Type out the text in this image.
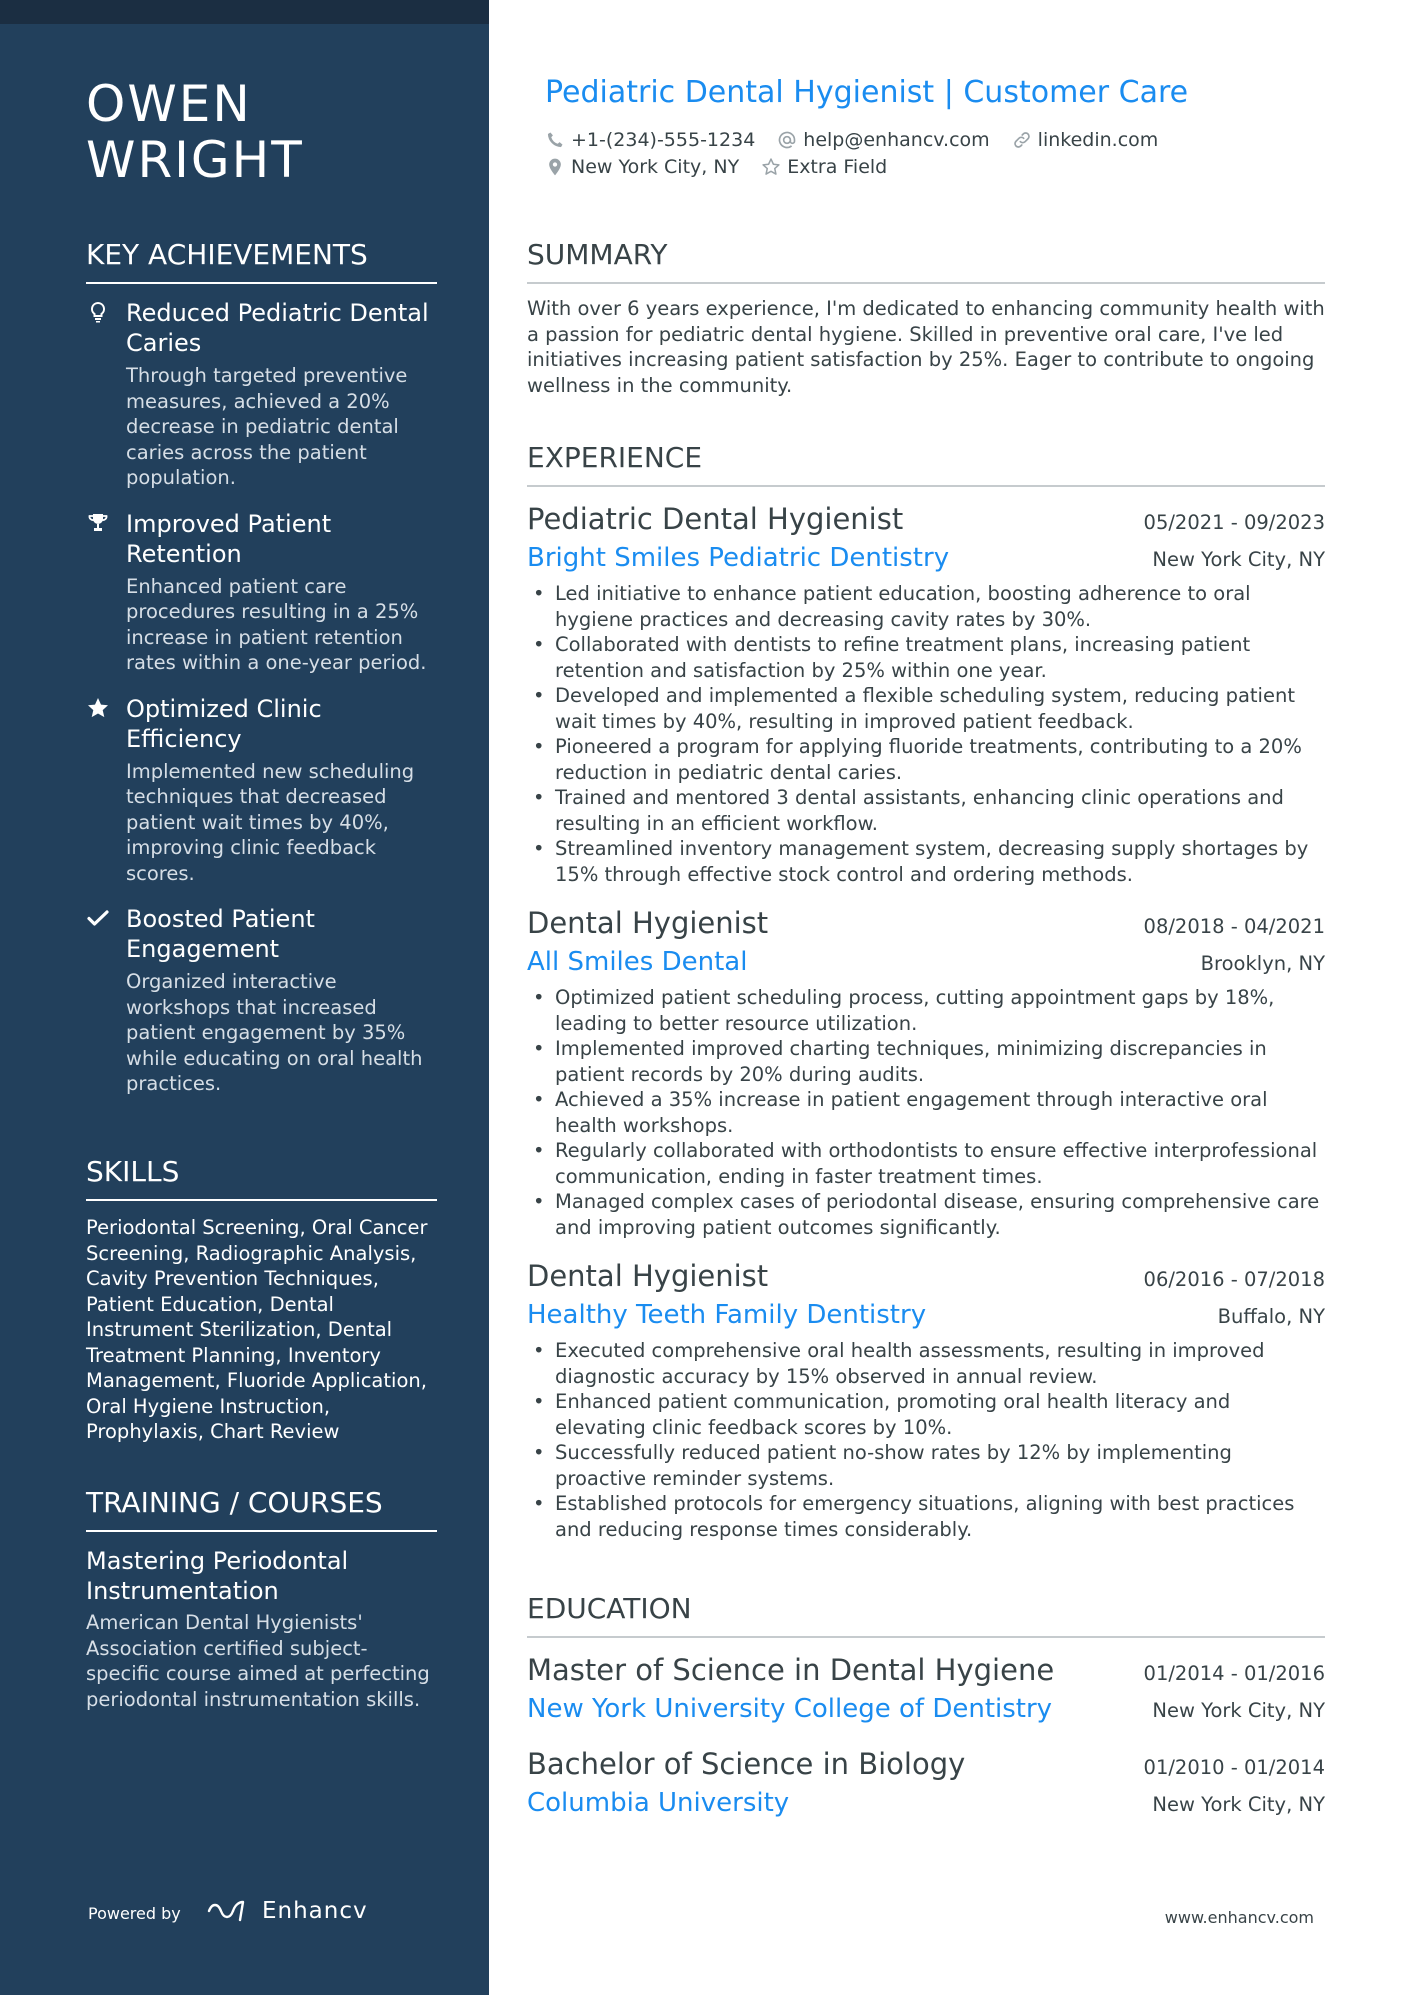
OWEN
WRIGHT
KEY ACHIEVEMENTS
Reduced Pediatric Dental Caries
Through targeted preventive measures, achieved a 20% decrease in pediatric dental caries across the patient population.
Improved Patient Retention
Enhanced patient care procedures resulting in a 25% increase in patient retention rates within a one-year period.
Optimized Clinic Efficiency
Implemented new scheduling techniques that decreased patient wait times by 40%, improving clinic feedback scores.
Boosted Patient Engagement
Organized interactive workshops that increased patient engagement by 35% while educating on oral health practices.
SKILLS
Periodontal Screening, Oral Cancer Screening, Radiographic Analysis, Cavity Prevention Techniques, Patient Education, Dental Instrument Sterilization, Dental Treatment Planning, Inventory Management, Fluoride Application, Oral Hygiene Instruction, Prophylaxis, Chart Review
TRAINING / COURSES
Mastering Periodontal Instrumentation
American Dental Hygienists' Association certified subject-specific course aimed at perfecting periodontal instrumentation skills.
Powered by	Enhancv
Pediatric Dental Hygienist | Customer Care
+1-(234)-555-1234	help@enhancv.com	linkedin.com
New York City, NY	Extra Field
SUMMARY
With over 6 years experience, I'm dedicated to enhancing community health with a passion for pediatric dental hygiene. Skilled in preventive oral care, I've led initiatives increasing patient satisfaction by 25%. Eager to contribute to ongoing wellness in the community.
EXPERIENCE
Pediatric Dental Hygienist	05/2021 - 09/2023
Bright Smiles Pediatric Dentistry	New York City, NY
• Led initiative to enhance patient education, boosting adherence to oral hygiene practices and decreasing cavity rates by 30%.
• Collaborated with dentists to refine treatment plans, increasing patient retention and satisfaction by 25% within one year.
• Developed and implemented a flexible scheduling system, reducing patient wait times by 40%, resulting in improved patient feedback.
• Pioneered a program for applying fluoride treatments, contributing to a 20% reduction in pediatric dental caries.
• Trained and mentored 3 dental assistants, enhancing clinic operations and resulting in an efficient workflow.
• Streamlined inventory management system, decreasing supply shortages by 15% through effective stock control and ordering methods.
Dental Hygienist	08/2018 - 04/2021
All Smiles Dental	Brooklyn, NY
• Optimized patient scheduling process, cutting appointment gaps by 18%, leading to better resource utilization.
• Implemented improved charting techniques, minimizing discrepancies in patient records by 20% during audits.
• Achieved a 35% increase in patient engagement through interactive oral health workshops.
• Regularly collaborated with orthodontists to ensure effective interprofessional communication, ending in faster treatment times.
• Managed complex cases of periodontal disease, ensuring comprehensive care and improving patient outcomes significantly.
Dental Hygienist	06/2016 - 07/2018
Healthy Teeth Family Dentistry	Buffalo, NY
• Executed comprehensive oral health assessments, resulting in improved diagnostic accuracy by 15% observed in annual review.
• Enhanced patient communication, promoting oral health literacy and elevating clinic feedback scores by 10%.
• Successfully reduced patient no-show rates by 12% by implementing proactive reminder systems.
• Established protocols for emergency situations, aligning with best practices and reducing response times considerably.
EDUCATION
Master of Science in Dental Hygiene	01/2014 - 01/2016
New York University College of Dentistry	New York City, NY
Bachelor of Science in Biology	01/2010 - 01/2014
Columbia University	New York City, NY
www.enhancv.com
